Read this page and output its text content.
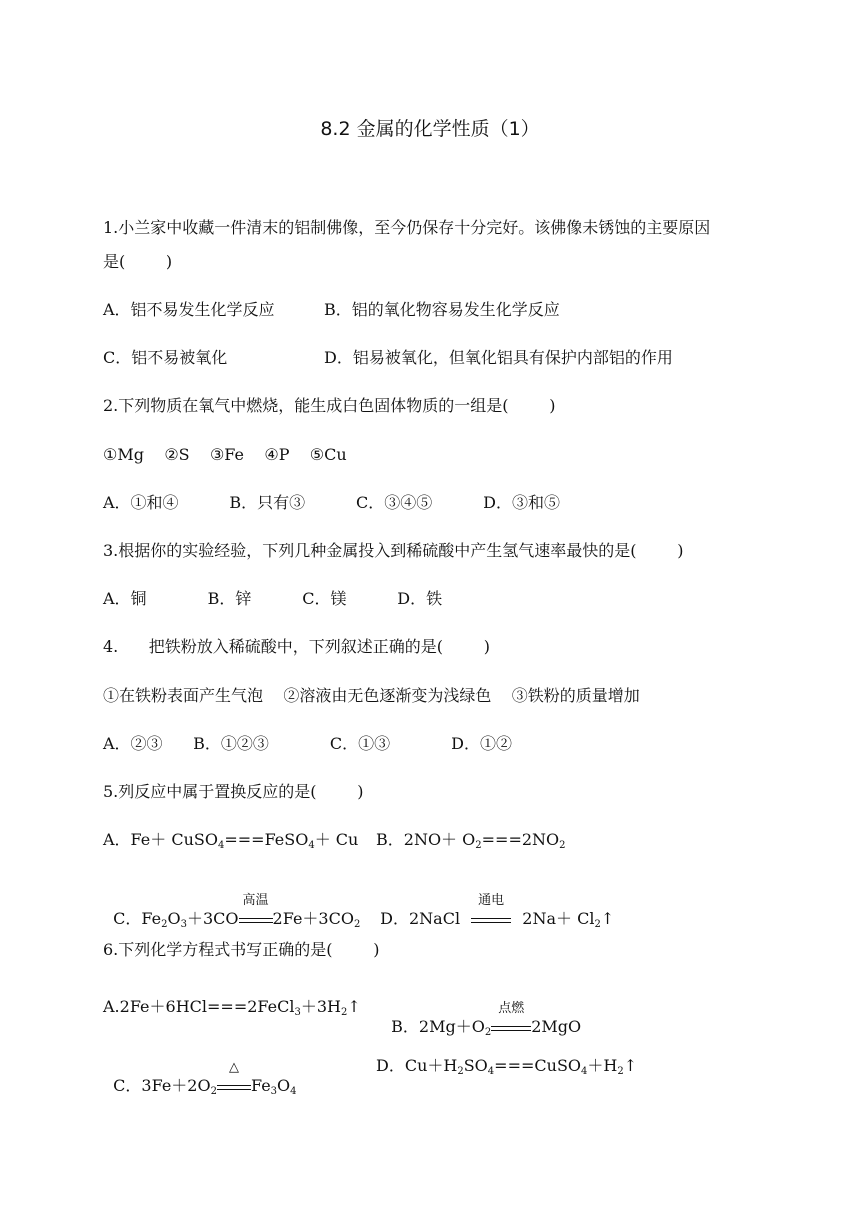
8.2 金属的化学性质（1）
1.小兰家中收藏一件清末的铝制佛像，至今仍保存十分完好。该佛像未锈蚀的主要原因
是(        )
A．铝不易发生化学反应	B．铝的氧化物容易发生化学反应
C．铝不易被氧化	D．铝易被氧化，但氧化铝具有保护内部铝的作用
2.下列物质在氧气中燃烧，能生成白色固体物质的一组是(        )
①Mg    ②S    ③Fe    ④P    ⑤Cu
A．①和④          B．只有③          C．③④⑤          D．③和⑤
3.根据你的实验经验，下列几种金属投入到稀硫酸中产生氢气速率最快的是(        )
A．铜            B．锌          C．镁          D．铁
4.      把铁粉放入稀硫酸中，下列叙述正确的是(        )
①在铁粉表面产生气泡    ②溶液由无色逐渐变为浅绿色    ③铁粉的质量增加
A．②③      B．①②③            C．①③            D．①②
5.列反应中属于置换反应的是(        )
A．Fe＋ CuSO$_4$===FeSO$_4$＋ Cu B．$2NO+ O_2===2NO_2$

C．$Fe_2O_3+3CO$
高温
$2Fe+3CO_2$	D．2NaCl
通电
$2Na+ Cl_2↑$

6.下列化学方程式书写正确的是(        )
$A.2Fe+6HCl===2FeCl_3+3H_2↑$

B．$2Mg+O_2$
点燃
2MgO

C．$3Fe+2O_2$
△
$Fe_3O_4$

D．$Cu+H_2SO_4===CuSO_4+H_2↑$
